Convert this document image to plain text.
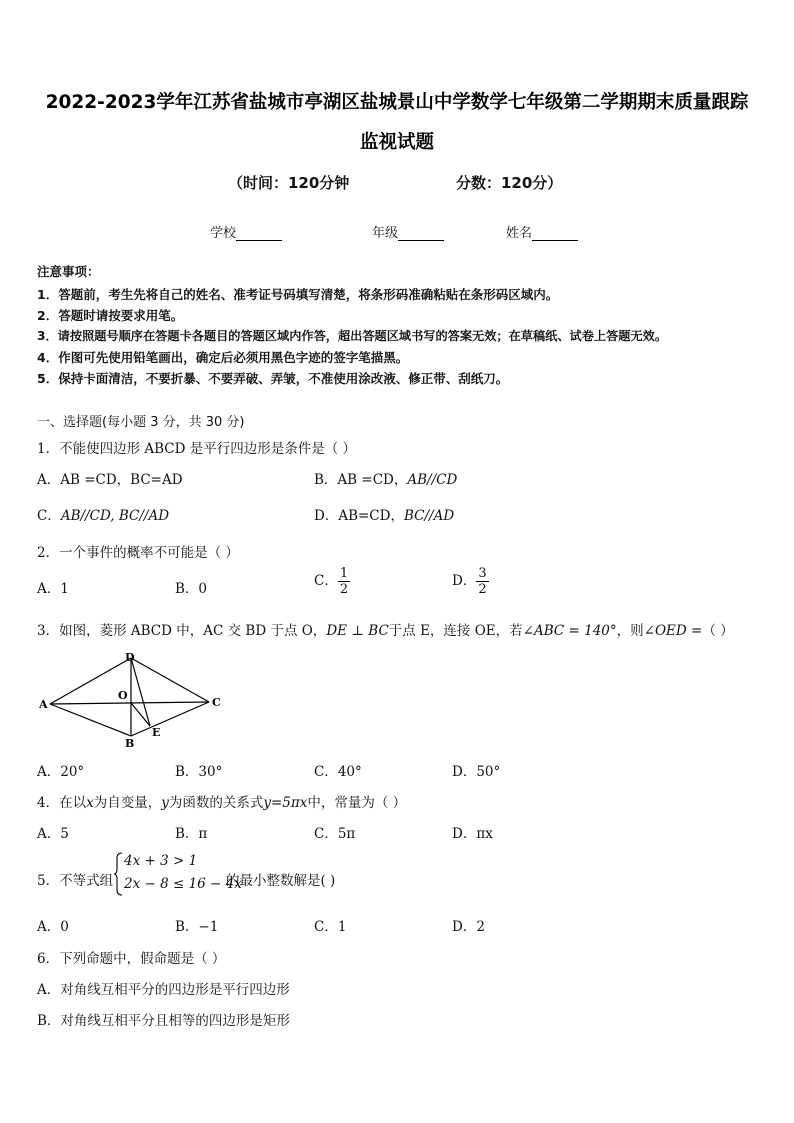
2022-2023学年江苏省盐城市亭湖区盐城景山中学数学七年级第二学期期末质量跟踪
监视试题
（时间：120分钟	分数：120分）
学校	年级	姓名
注意事项：
1．答题前，考生先将自己的姓名、准考证号码填写清楚，将条形码准确粘贴在条形码区域内。
2．答题时请按要求用笔。
3．请按照题号顺序在答题卡各题目的答题区域内作答，超出答题区域书写的答案无效；在草稿纸、试卷上答题无效。
4．作图可先使用铅笔画出，确定后必须用黑色字迹的签字笔描黑。
5．保持卡面清洁，不要折暴、不要弄破、弄皱，不准使用涂改液、修正带、刮纸刀。
一、选择题(每小题 3 分，共 30 分)
1．不能使四边形 ABCD 是平行四边形是条件是（ ）
A．AB =CD，BC=AD	B．AB =CD，AB//CD
C．AB//CD, BC//AD	D．AB=CD，BC//AD
2．一个事件的概率不可能是（ ）
A．1	B．0	C． $\frac{1}{2}$	D． $\frac{3}{2}$
3．如图，菱形 ABCD 中，AC 交 BD 于点 O，DE ⊥ BC于点 E，连接 OE，若∠ABC = 140°，则∠OED =（ ）
A
B
C
D
O
E
A．20°	B．30°	C．40°	D．50°
4．在以x为自变量，y为函数的关系式y=5πx中，常量为（ ）
A．5	B．π	C．5π	D．πx
5．不等式组
4x + 3 > 1
2x − 8 ≤ 16 − 4x
的最小整数解是( )
A．0	B．−1	C．1	D．2
6．下列命题中，假命题是（ ）
A．对角线互相平分的四边形是平行四边形
B．对角线互相平分且相等的四边形是矩形
